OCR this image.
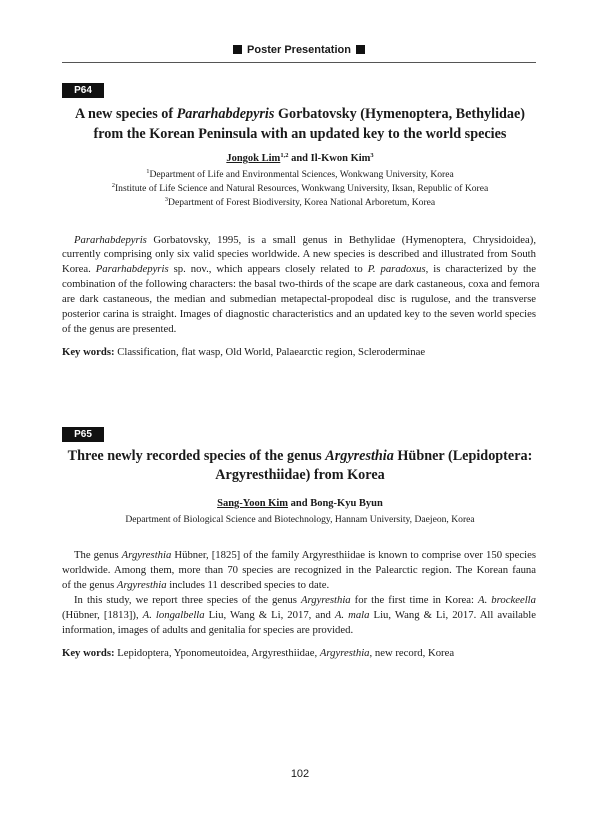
Poster Presentation
P64
A new species of Pararhabdepyris Gorbatovsky (Hymenoptera, Bethylidae)
from the Korean Peninsula with an updated key to the world species
Jongok Lim$^{1,2}$ and Il-Kwon Kim$^3$
$^1$Department of Life and Environmental Sciences, Wonkwang University, Korea
$^2$Institute of Life Science and Natural Resources, Wonkwang University, Iksan, Republic of Korea
$^3$Department of Forest Biodiversity, Korea National Arboretum, Korea
Pararhabdepyris Gorbatovsky, 1995, is a small genus in Bethylidae (Hymenoptera, Chrysidoidea),
currently comprising only six valid species worldwide. A new species is described and illustrated from South
Korea. Pararhabdepyris sp. nov., which appears closely related to P. paradoxus, is characterized by the
combination of the following characters: the basal two-thirds of the scape are dark castaneous, coxa and femora
are dark castaneous, the median and submedian metapectal-propodeal disc is rugulose, and the transverse
posterior carina is straight. Images of diagnostic characteristics and an updated key to the seven world species
of the genus are presented.
Key words: Classification, flat wasp, Old World, Palaearctic region, Scleroderminae
P65
Three newly recorded species of the genus Argyresthia Hübner (Lepidoptera:
Argyresthiidae) from Korea
Sang-Yoon Kim and Bong-Kyu Byun
Department of Biological Science and Biotechnology, Hannam University, Daejeon, Korea
The genus Argyresthia Hübner, [1825] of the family Argyresthiidae is known to comprise over 150 species
worldwide. Among them, more than 70 species are recognized in the Palearctic region. The Korean fauna
of the genus Argyresthia includes 11 described species to date.
In this study, we report three species of the genus Argyresthia for the first time in Korea: A. brockeella
(Hübner, [1813]), A. longalbella Liu, Wang & Li, 2017, and A. mala Liu, Wang & Li, 2017. All available
information, images of adults and genitalia for species are provided.
Key words: Lepidoptera, Yponomeutoidea, Argyresthiidae, Argyresthia, new record, Korea
102
